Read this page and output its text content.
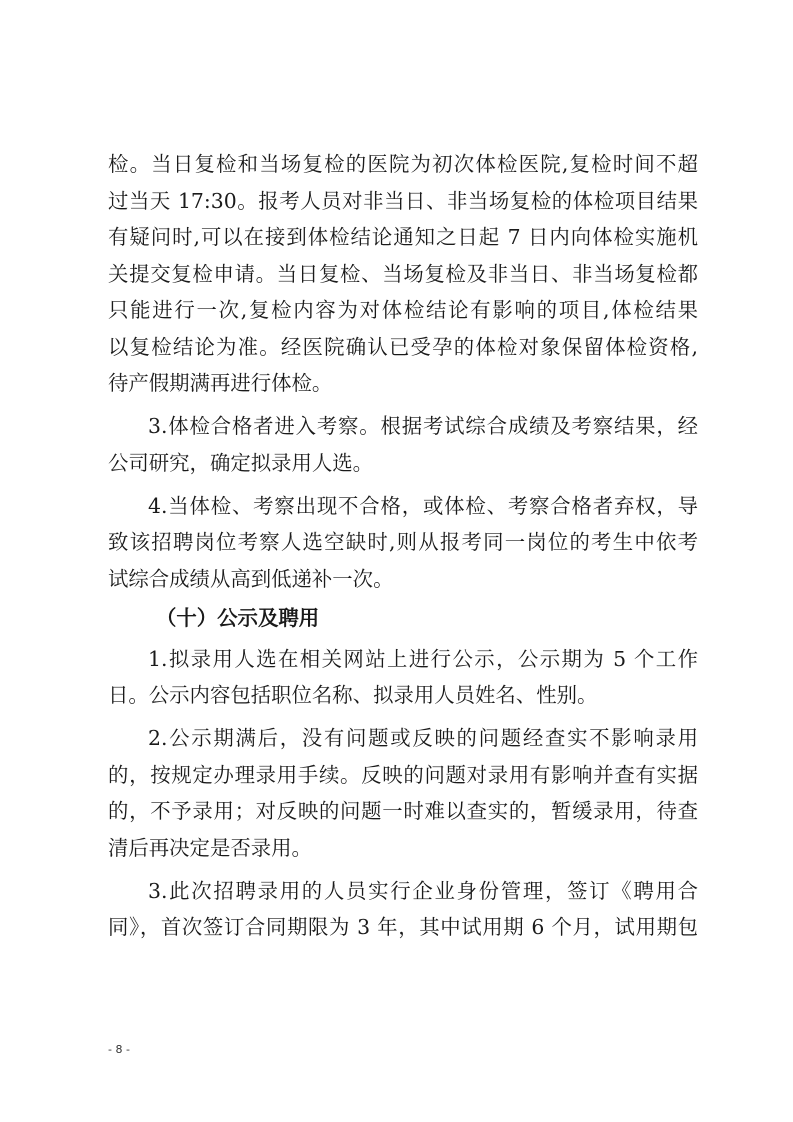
检。当日复检和当场复检的医院为初次体检医院,复检时间不超
过当天 17:30。报考人员对非当日、非当场复检的体检项目结果
有疑问时,可以在接到体检结论通知之日起 7 日内向体检实施机
关提交复检申请。当日复检、当场复检及非当日、非当场复检都
只能进行一次,复检内容为对体检结论有影响的项目,体检结果
以复检结论为准。经医院确认已受孕的体检对象保留体检资格,
待产假期满再进行体检。
3.体检合格者进入考察。根据考试综合成绩及考察结果，经
公司研究，确定拟录用人选。
4.当体检、考察出现不合格，或体检、考察合格者弃权，导
致该招聘岗位考察人选空缺时,则从报考同一岗位的考生中依考
试综合成绩从高到低递补一次。
（十）公示及聘用
1.拟录用人选在相关网站上进行公示，公示期为 5 个工作
日。公示内容包括职位名称、拟录用人员姓名、性别。
2.公示期满后，没有问题或反映的问题经查实不影响录用
的，按规定办理录用手续。反映的问题对录用有影响并查有实据
的，不予录用；对反映的问题一时难以查实的，暂缓录用，待查
清后再决定是否录用。
3.此次招聘录用的人员实行企业身份管理，签订《聘用合
同》，首次签订合同期限为 3 年，其中试用期 6 个月，试用期包
- 8 -
